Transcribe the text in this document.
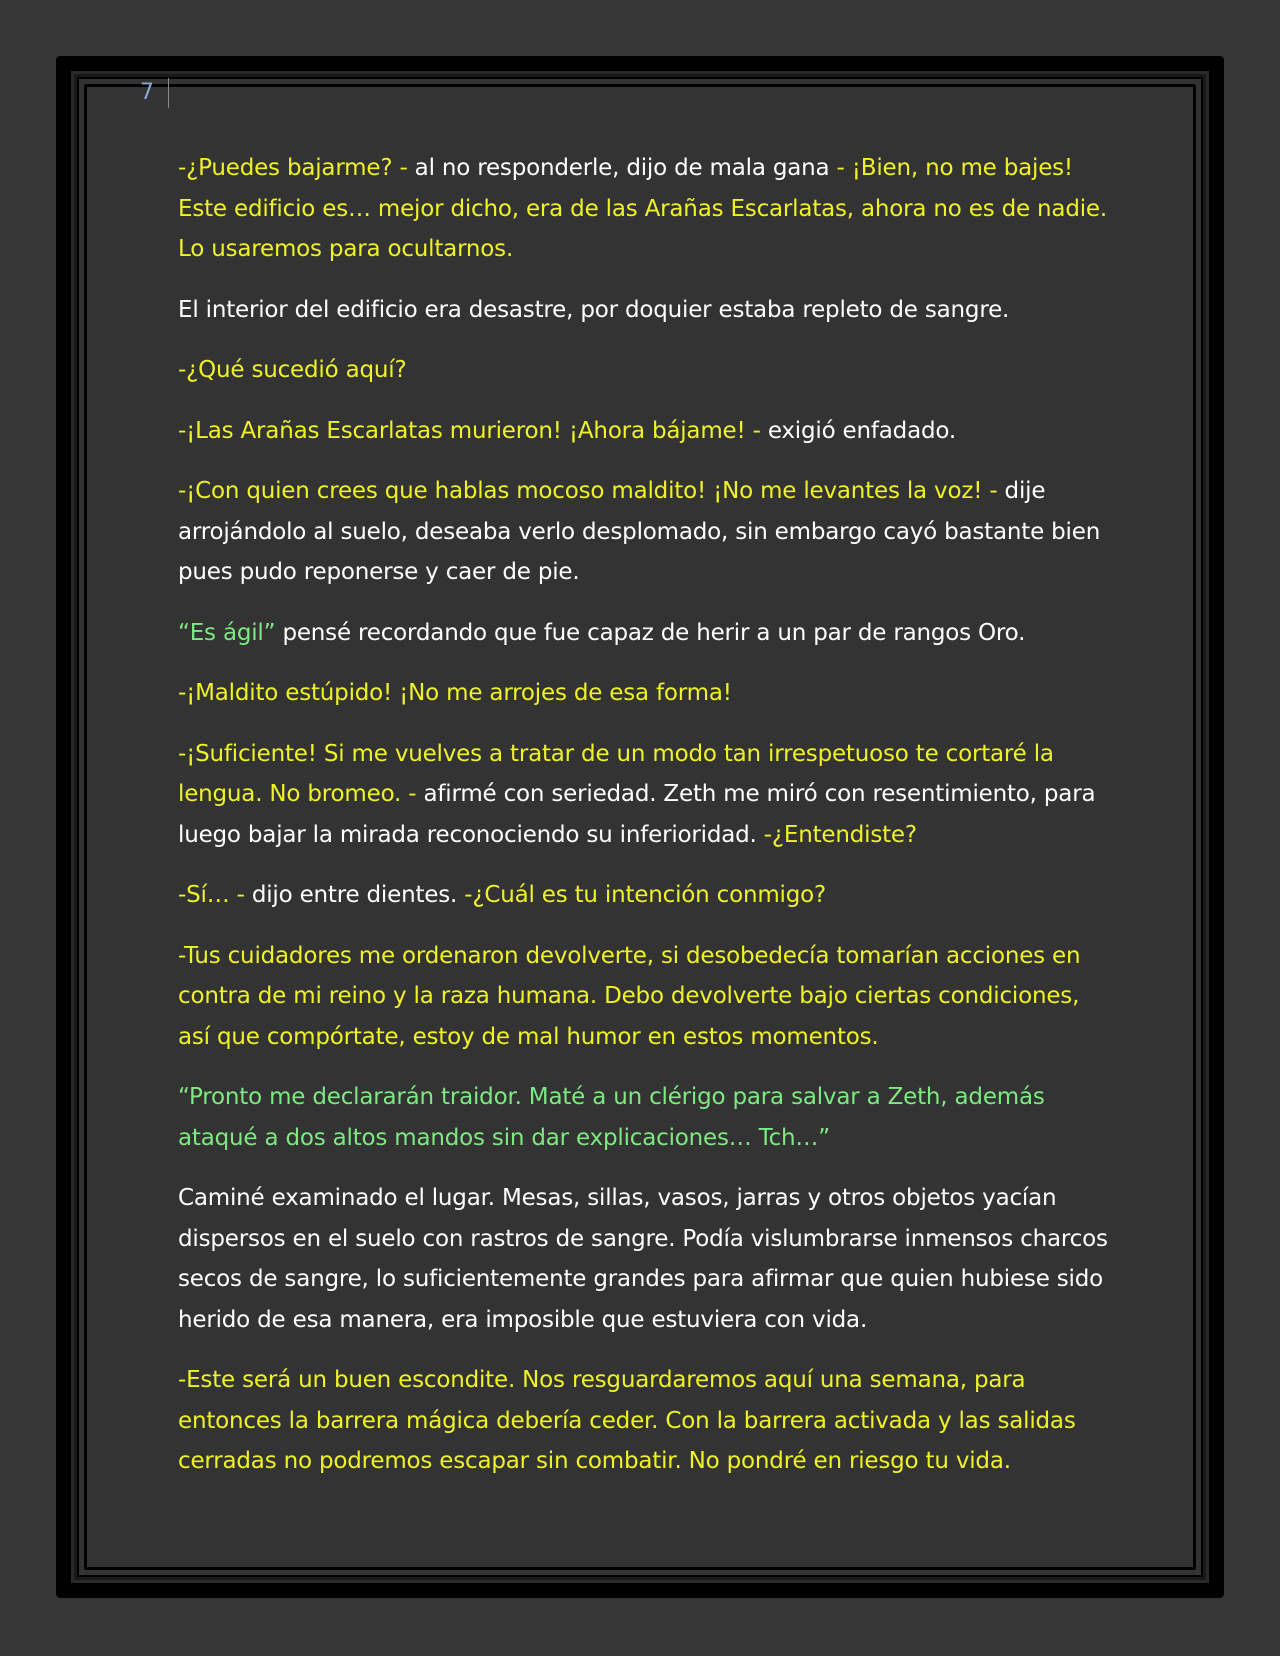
7

-¿Puedes bajarme? - al no responderle, dijo de mala gana - ¡Bien, no me bajes! Este edificio es… mejor dicho, era de las Arañas Escarlatas, ahora no es de nadie. Lo usaremos para ocultarnos.

El interior del edificio era desastre, por doquier estaba repleto de sangre.

-¿Qué sucedió aquí?

-¡Las Arañas Escarlatas murieron! ¡Ahora bájame! - exigió enfadado.

-¡Con quien crees que hablas mocoso maldito! ¡No me levantes la voz! - dije arrojándolo al suelo, deseaba verlo desplomado, sin embargo cayó bastante bien pues pudo reponerse y caer de pie.

“Es ágil” pensé recordando que fue capaz de herir a un par de rangos Oro.

-¡Maldito estúpido! ¡No me arrojes de esa forma!

-¡Suficiente! Si me vuelves a tratar de un modo tan irrespetuoso te cortaré la lengua. No bromeo. - afirmé con seriedad. Zeth me miró con resentimiento, para luego bajar la mirada reconociendo su inferioridad. -¿Entendiste?

-Sí… - dijo entre dientes. -¿Cuál es tu intención conmigo?

-Tus cuidadores me ordenaron devolverte, si desobedecía tomarían acciones en contra de mi reino y la raza humana. Debo devolverte bajo ciertas condiciones, así que compórtate, estoy de mal humor en estos momentos.

“Pronto me declararán traidor. Maté a un clérigo para salvar a Zeth, además ataqué a dos altos mandos sin dar explicaciones… Tch…”

Caminé examinado el lugar. Mesas, sillas, vasos, jarras y otros objetos yacían dispersos en el suelo con rastros de sangre. Podía vislumbrarse inmensos charcos secos de sangre, lo suficientemente grandes para afirmar que quien hubiese sido herido de esa manera, era imposible que estuviera con vida.

-Este será un buen escondite. Nos resguardaremos aquí una semana, para entonces la barrera mágica debería ceder. Con la barrera activada y las salidas cerradas no podremos escapar sin combatir. No pondré en riesgo tu vida.
